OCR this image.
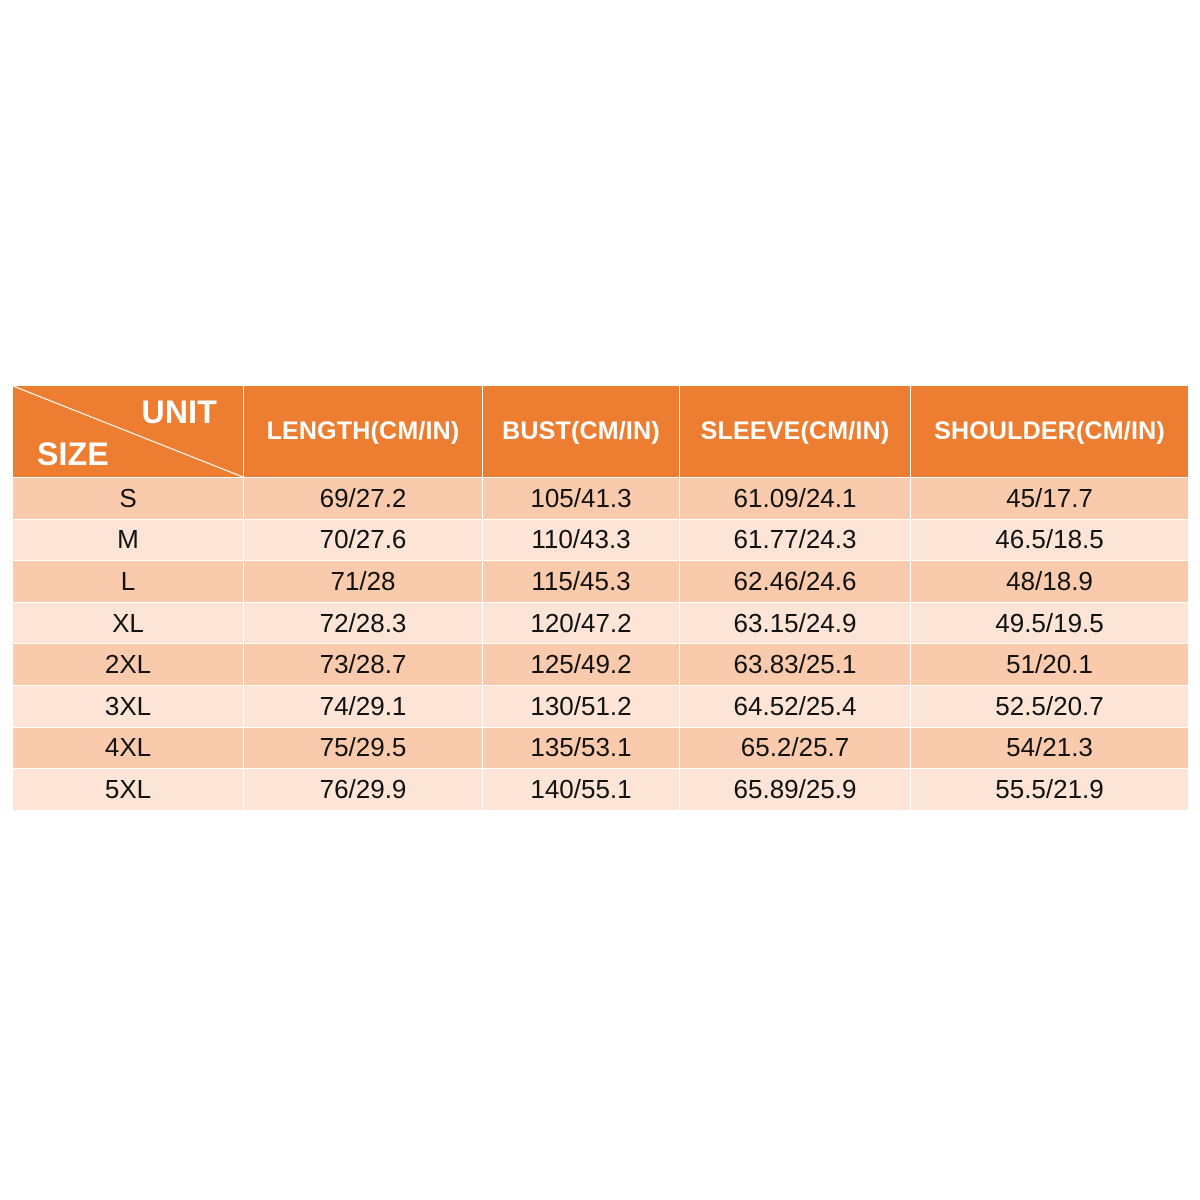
UNIT
SIZE	LENGTH(CM/IN)	BUST(CM/IN)	SLEEVE(CM/IN)	SHOULDER(CM/IN)
S	69/27.2	105/41.3	61.09/24.1	45/17.7
M	70/27.6	110/43.3	61.77/24.3	46.5/18.5
L	71/28	115/45.3	62.46/24.6	48/18.9
XL	72/28.3	120/47.2	63.15/24.9	49.5/19.5
2XL	73/28.7	125/49.2	63.83/25.1	51/20.1
3XL	74/29.1	130/51.2	64.52/25.4	52.5/20.7
4XL	75/29.5	135/53.1	65.2/25.7	54/21.3
5XL	76/29.9	140/55.1	65.89/25.9	55.5/21.9
